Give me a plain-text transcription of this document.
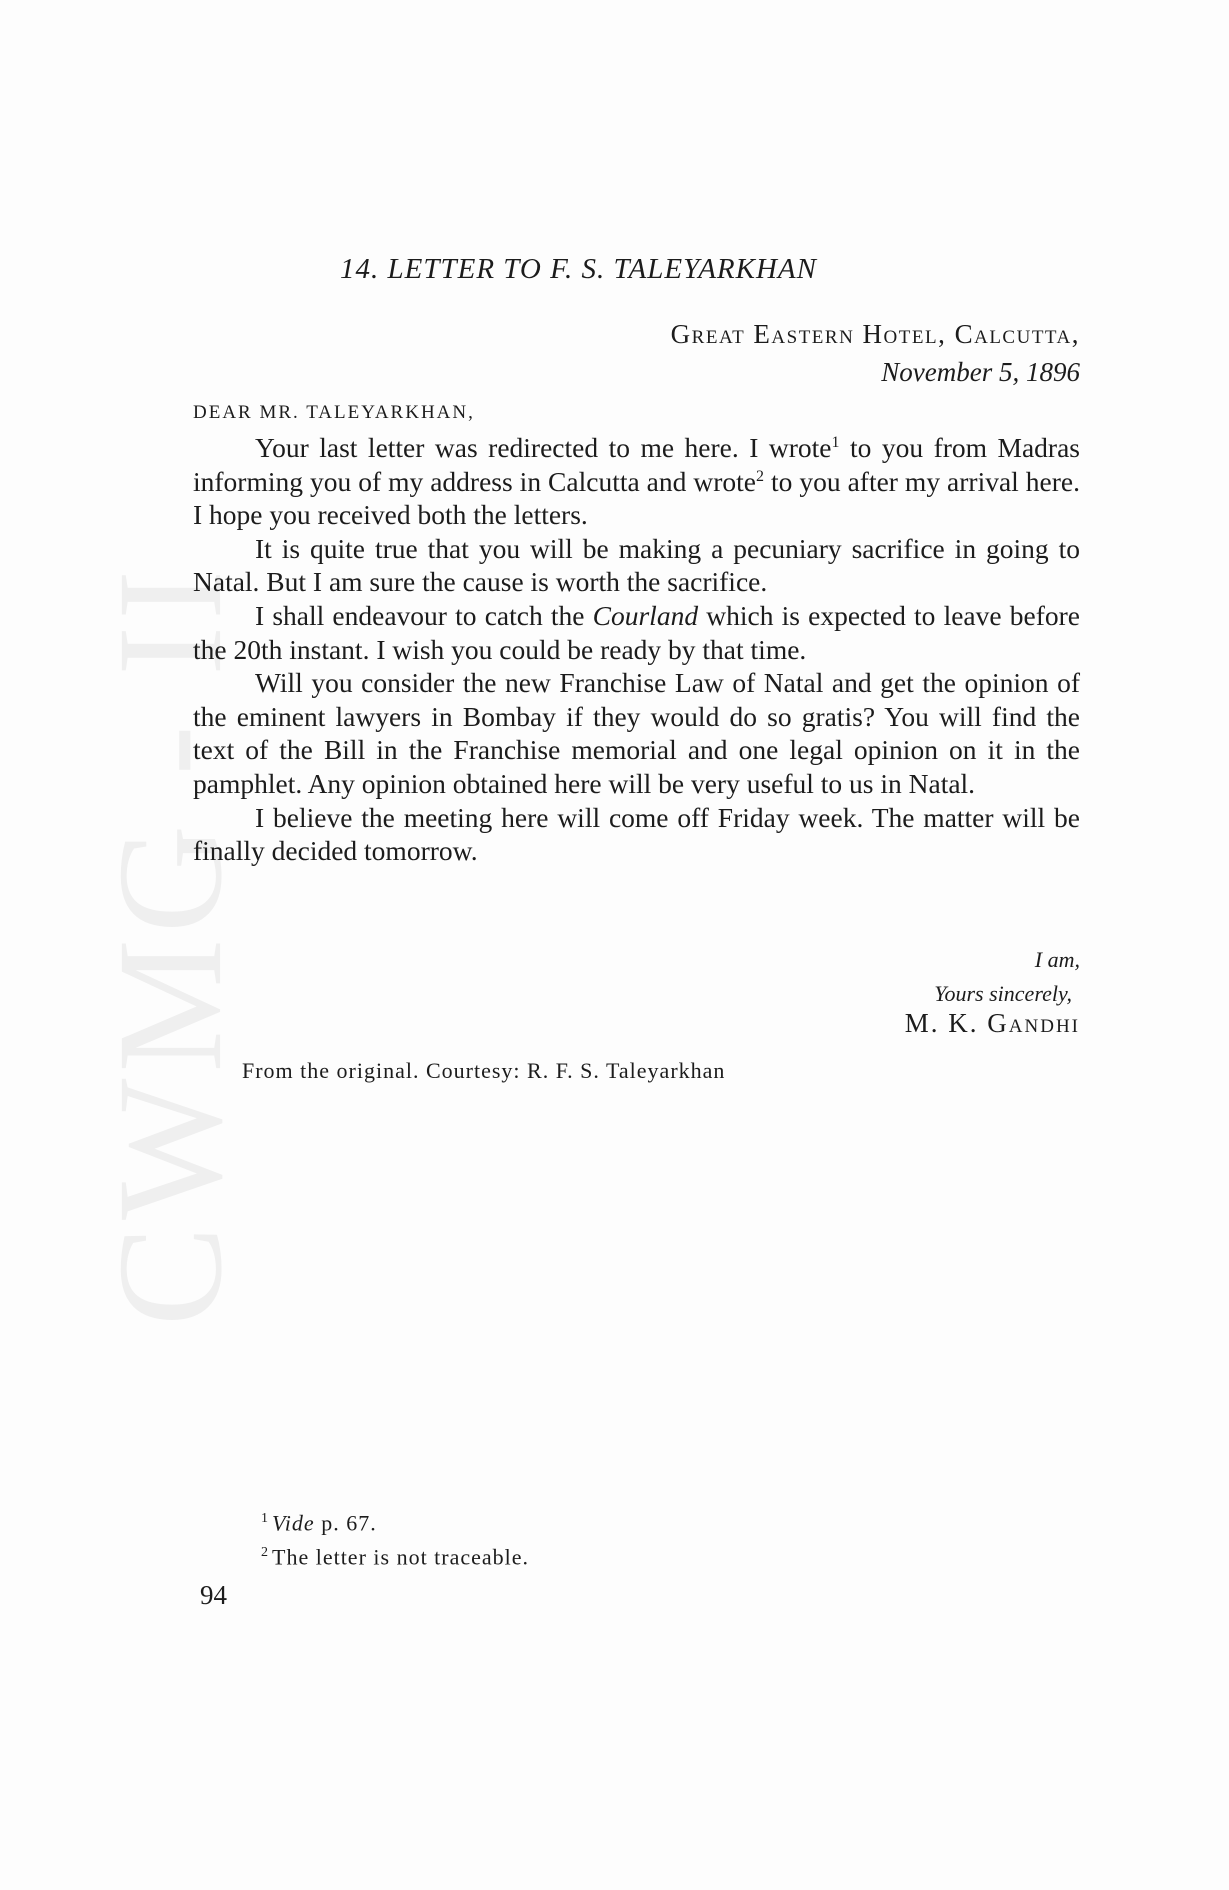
CWMG - II
14. LETTER TO F. S. TALEYARKHAN
Great Eastern Hotel, Calcutta,
November 5, 1896
DEAR MR. TALEYARKHAN,

Your last letter was redirected to me here. I wrote$^1$ to you from Madras informing you of my address in Calcutta and wrote$^2$ to you after my arrival here. I hope you received both the letters.

It is quite true that you will be making a pecuniary sacrifice in going to Natal. But I am sure the cause is worth the sacrifice.

I shall endeavour to catch the Courland which is expected to leave before the 20th instant. I wish you could be ready by that time.

Will you consider the new Franchise Law of Natal and get the opinion of the eminent lawyers in Bombay if they would do so gratis? You will find the text of the Bill in the Franchise memorial and one legal opinion on it in the pamphlet. Any opinion obtained here will be very useful to us in Natal.

I believe the meeting here will come off Friday week. The matter will be finally decided tomorrow.

I am,
Yours sincerely,
M. K. Gandhi
From the original. Courtesy: R. F. S. Taleyarkhan
$^1$ Vide p. 67.
$^2$ The letter is not traceable.
94
